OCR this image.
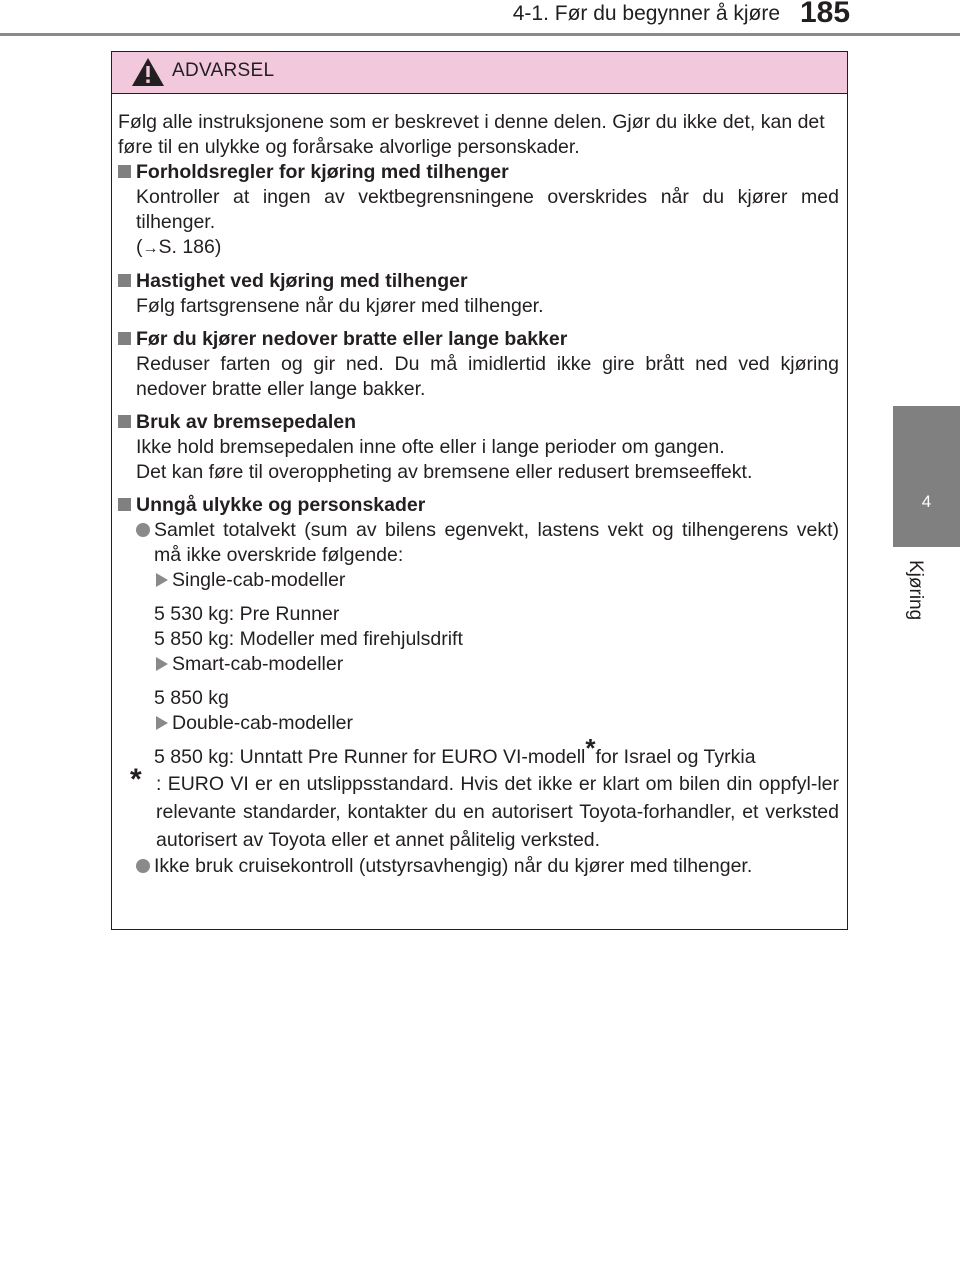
4-1. Før du begynner å kjøre 185
4
Kjøring
ADVARSEL

Følg alle instruksjonene som er beskrevet i denne delen. Gjør du ikke det, kan det føre til en ulykke og forårsake alvorlige personskader.

Forholdsregler for kjøring med tilhenger

Kontroller at ingen av vektbegrensningene overskrides når du kjører med tilhenger.

(→S. 186)

Hastighet ved kjøring med tilhenger

Følg fartsgrensene når du kjører med tilhenger.

Før du kjører nedover bratte eller lange bakker

Reduser farten og gir ned. Du må imidlertid ikke gire brått ned ved kjøring nedover bratte eller lange bakker.

Bruk av bremsepedalen

Ikke hold bremsepedalen inne ofte eller i lange perioder om gangen.

Det kan føre til overoppheting av bremsene eller redusert bremseeffekt.

Unngå ulykke og personskader

Samlet totalvekt (sum av bilens egenvekt, lastens vekt og tilhengerens vekt) må ikke overskride følgende:

Single-cab-modeller

5 530 kg: Pre Runner

5 850 kg: Modeller med firehjulsdrift

Smart-cab-modeller

5 850 kg

Double-cab-modeller

5 850 kg: Unntatt Pre Runner for EURO VI-modell*for Israel og Tyrkia

* : EURO VI er en utslippsstandard. Hvis det ikke er klart om bilen din oppfyl-ler relevante standarder, kontakter du en autorisert Toyota-forhandler, et verksted autorisert av Toyota eller et annet pålitelig verksted.

Ikke bruk cruisekontroll (utstyrsavhengig) når du kjører med tilhenger.
